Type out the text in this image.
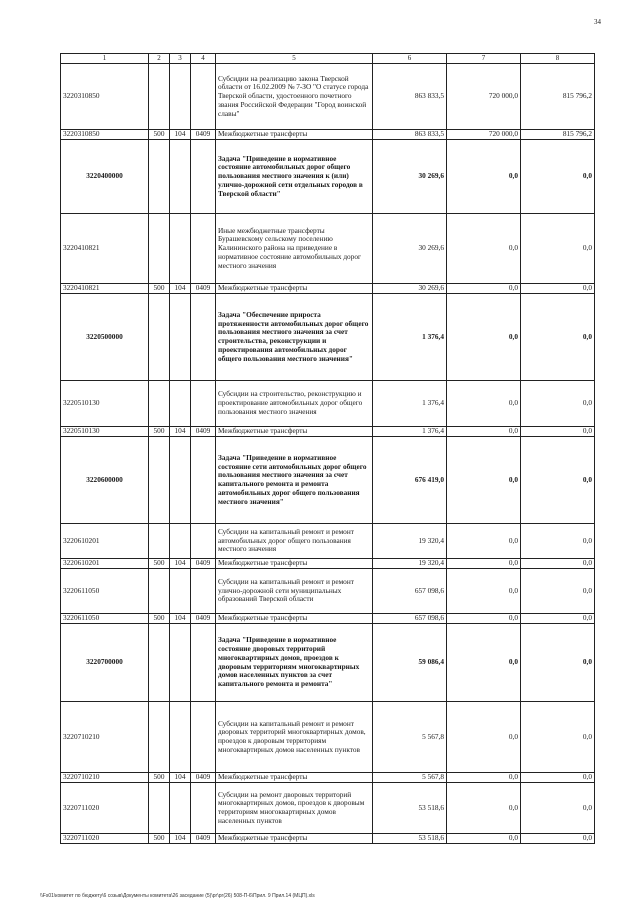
34
1	2	3	4	5	6	7	8
3220310850				Субсидии на реализацию закона Тверской области от 16.02.2009 № 7-ЗО "О статусе города Тверской области, удостоенного почетного звания Российской Федерации "Город воинской славы"	863 833,5	720 000,0	815 796,2
3220310850	500	104	0409	Межбюджетные трансферты	863 833,5	720 000,0	815 796,2
3220400000				Задача "Приведение в нормативное состояние автомобильных дорог общего пользования местного значения к (или) улично-дорожной сети отдельных городов в Тверской области"	30 269,6	0,0	0,0
3220410821				Иные межбюджетные трансферты Бурашевскому сельскому поселению Калининского района на приведение в нормативное состояние автомобильных дорог местного значения	30 269,6	0,0	0,0
3220410821	500	104	0409	Межбюджетные трансферты	30 269,6	0,0	0,0
3220500000				Задача "Обеспечение прироста протяженности автомобильных дорог общего пользования местного значения за счет строительства, реконструкции и проектирования автомобильных дорог общего пользования местного значения"	1 376,4	0,0	0,0
3220510130				Субсидии на строительство, реконструкцию и проектирование автомобильных дорог общего пользования местного значения	1 376,4	0,0	0,0
3220510130	500	104	0409	Межбюджетные трансферты	1 376,4	0,0	0,0
3220600000				Задача "Приведение в нормативное состояние сети автомобильных дорог общего пользования местного значения за счет капитального ремонта и ремонта автомобильных дорог общего пользования местного значения"	676 419,0	0,0	0,0
3220610201				Субсидии на капитальный ремонт и ремонт автомобильных дорог общего пользования местного значения	19 320,4	0,0	0,0
3220610201	500	104	0409	Межбюджетные трансферты	19 320,4	0,0	0,0
3220611050				Субсидии на капитальный ремонт и ремонт улично-дорожной сети муниципальных образований Тверской области	657 098,6	0,0	0,0
3220611050	500	104	0409	Межбюджетные трансферты	657 098,6	0,0	0,0
3220700000				Задача "Приведение в нормативное состояние дворовых территорий многоквартирных домов, проездов к дворовым территориям многоквартирных домов населенных пунктов за счет капитального ремонта и ремонта"	59 086,4	0,0	0,0
3220710210				Субсидии на капитальный ремонт и ремонт дворовых территорий многоквартирных домов, проездов к дворовым территориям многоквартирных домов населенных пунктов	5 567,8	0,0	0,0
3220710210	500	104	0409	Межбюджетные трансферты	5 567,8	0,0	0,0
3220711020				Субсидии на ремонт дворовых территорий многоквартирных домов, проездов к дворовым территориям многоквартирных домов населенных пунктов	53 518,6	0,0	0,0
3220711020	500	104	0409	Межбюджетные трансферты	53 518,6	0,0	0,0
\\Fs01\комитет по бюджету\6 созыв\Документы комитета\26 заседание (5)\рг\рг(26) 508-П-6\Прил. 9 Прил.14 (МЦП).xls
